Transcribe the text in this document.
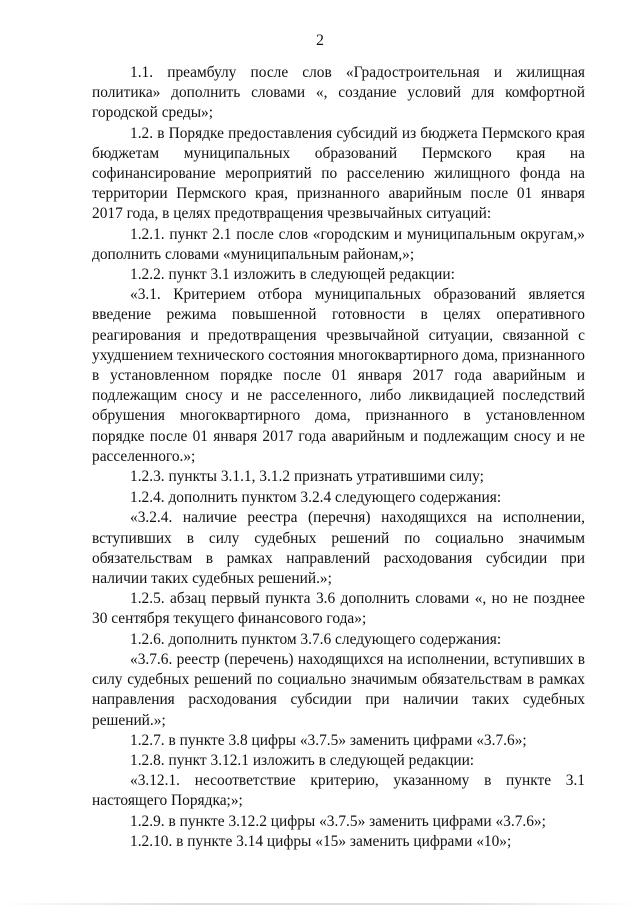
2

1.1. преамбулу после слов «Градостроительная и жилищная политика» дополнить словами «, создание условий для комфортной городской среды»;

1.2. в Порядке предоставления субсидий из бюджета Пермского края бюджетам муниципальных образований Пермского края на софинансирование мероприятий по расселению жилищного фонда на территории Пермского края, признанного аварийным после 01 января 2017 года, в целях предотвращения чрезвычайных ситуаций:

1.2.1. пункт 2.1 после слов «городским и муниципальным округам,» дополнить словами «муниципальным районам,»;

1.2.2. пункт 3.1 изложить в следующей редакции:

«3.1. Критерием отбора муниципальных образований является введение режима повышенной готовности в целях оперативного реагирования и предотвращения чрезвычайной ситуации, связанной с ухудшением технического состояния многоквартирного дома, признанного в установленном порядке после 01 января 2017 года аварийным и подлежащим сносу и не расселенного, либо ликвидацией последствий обрушения многоквартирного дома, признанного в установленном порядке после 01 января 2017 года аварийным и подлежащим сносу и не расселенного.»;

1.2.3. пункты 3.1.1, 3.1.2 признать утратившими силу;

1.2.4. дополнить пунктом 3.2.4 следующего содержания:

«3.2.4. наличие реестра (перечня) находящихся на исполнении, вступивших в силу судебных решений по социально значимым обязательствам в рамках направлений расходования субсидии при наличии таких судебных решений.»;

1.2.5. абзац первый пункта 3.6 дополнить словами «, но не позднее 30 сентября текущего финансового года»;

1.2.6. дополнить пунктом 3.7.6 следующего содержания:

«3.7.6. реестр (перечень) находящихся на исполнении, вступивших в силу судебных решений по социально значимым обязательствам в рамках направления расходования субсидии при наличии таких судебных решений.»;

1.2.7. в пункте 3.8 цифры «3.7.5» заменить цифрами «3.7.6»;

1.2.8. пункт 3.12.1 изложить в следующей редакции:

«3.12.1. несоответствие критерию, указанному в пункте 3.1 настоящего Порядка;»;

1.2.9. в пункте 3.12.2 цифры «3.7.5» заменить цифрами «3.7.6»;

1.2.10. в пункте 3.14 цифры «15» заменить цифрами «10»;
